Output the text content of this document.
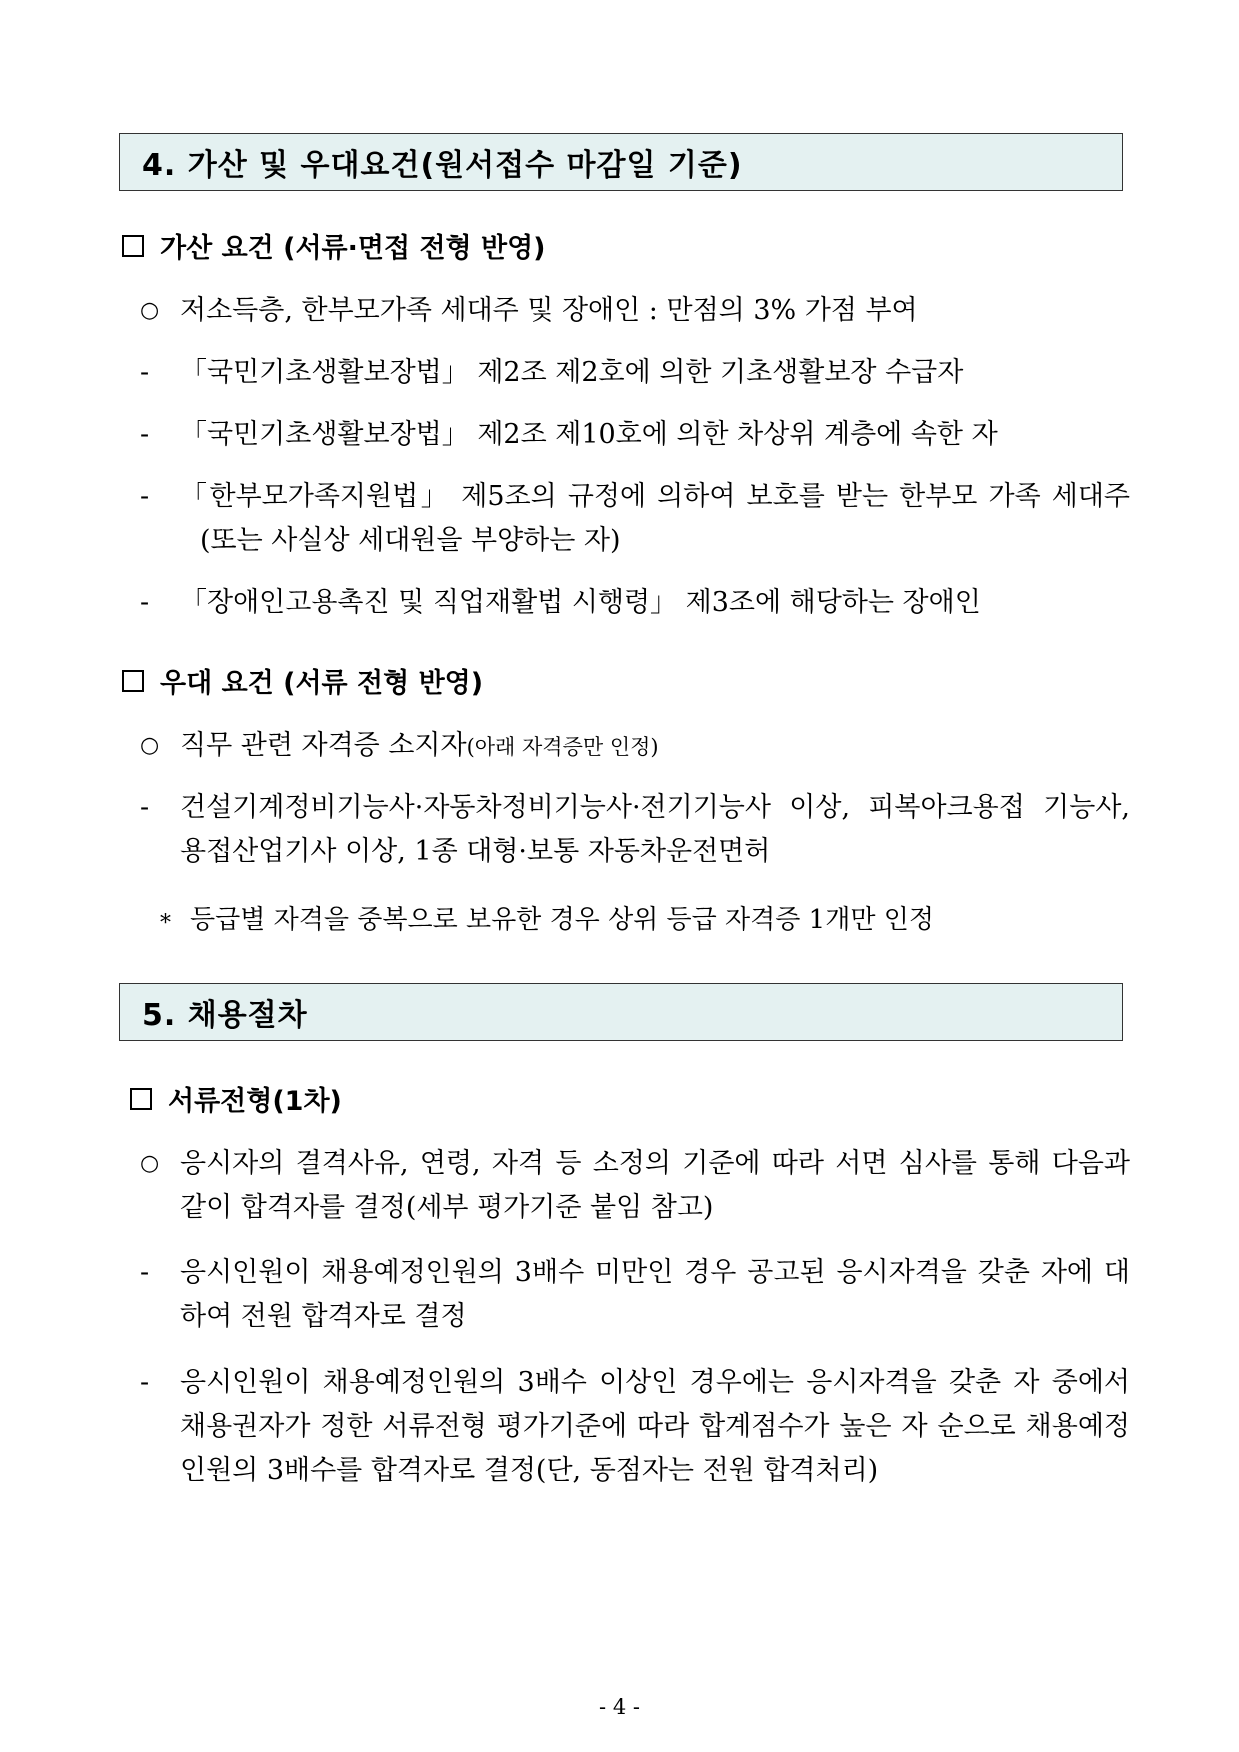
4. 가산 및 우대요건(원서접수 마감일 기준)
가산 요건 (서류·면접 전형 반영)
○ 저소득층, 한부모가족 세대주 및 장애인 : 만점의 3% 가점 부여
- 「국민기초생활보장법」 제2조 제2호에 의한 기초생활보장 수급자
- 「국민기초생활보장법」 제2조 제10호에 의한 차상위 계층에 속한 자
- 「한부모가족지원법」 제5조의 규정에 의하여 보호를 받는 한부모 가족 세대주(또는 사실상 세대원을 부양하는 자)
- 「장애인고용촉진 및 직업재활법 시행령」 제3조에 해당하는 장애인
우대 요건 (서류 전형 반영)
○ 직무 관련 자격증 소지자(아래 자격증만 인정)
- 건설기계정비기능사·자동차정비기능사·전기기능사 이상, 피복아크용접 기능사, 용접산업기사 이상, 1종 대형·보통 자동차운전면허
* 등급별 자격을 중복으로 보유한 경우 상위 등급 자격증 1개만 인정
5. 채용절차
서류전형(1차)
○ 응시자의 결격사유, 연령, 자격 등 소정의 기준에 따라 서면 심사를 통해 다음과 같이 합격자를 결정(세부 평가기준 붙임 참고)
- 응시인원이 채용예정인원의 3배수 미만인 경우 공고된 응시자격을 갖춘 자에 대하여 전원 합격자로 결정
- 응시인원이 채용예정인원의 3배수 이상인 경우에는 응시자격을 갖춘 자 중에서 채용권자가 정한 서류전형 평가기준에 따라 합계점수가 높은 자 순으로 채용예정인원의 3배수를 합격자로 결정(단, 동점자는 전원 합격처리)
- 4 -
